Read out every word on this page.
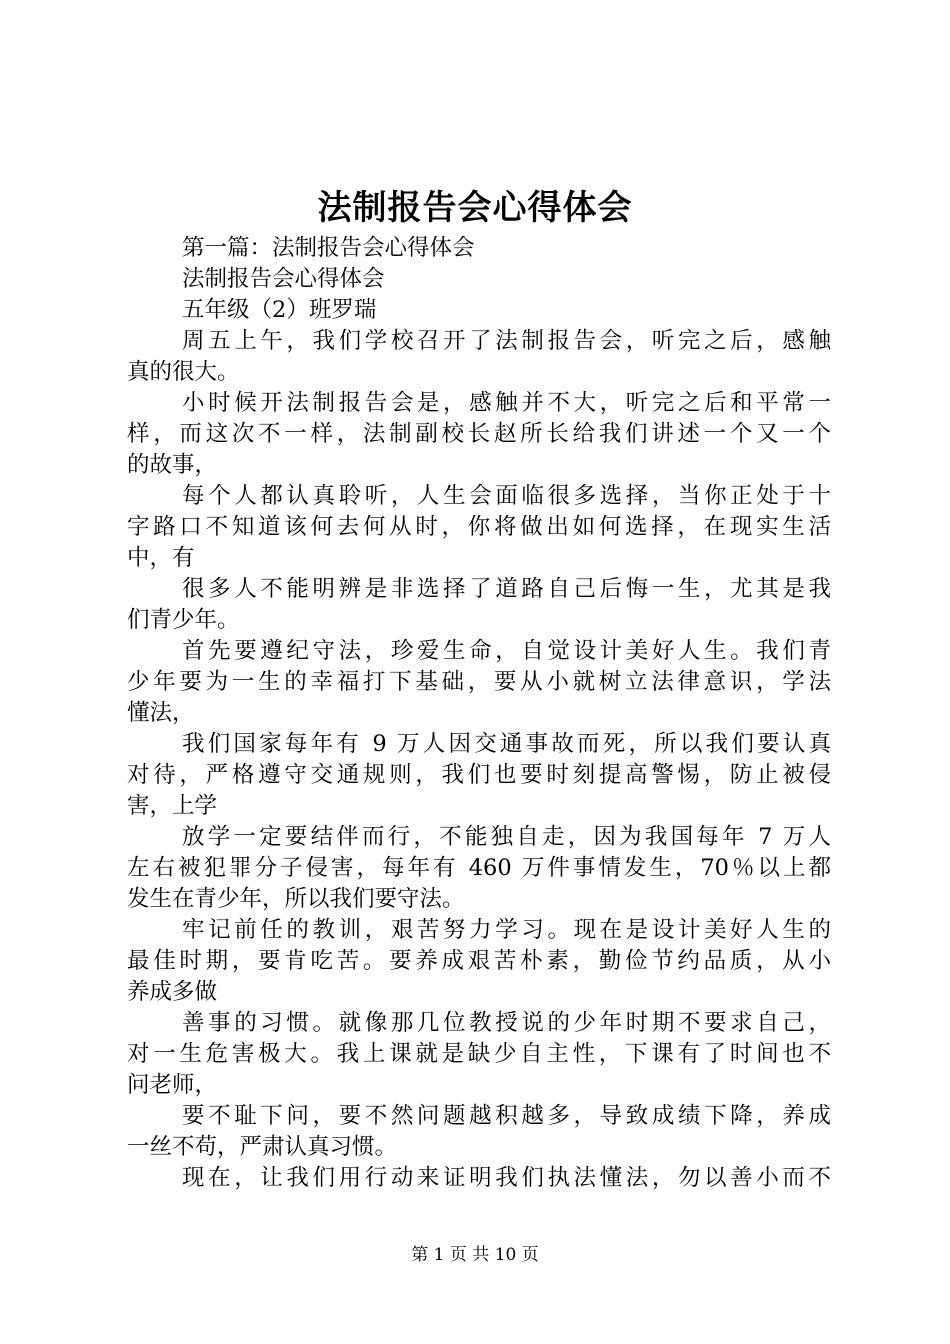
法制报告会心得体会
第一篇：法制报告会心得体会
法制报告会心得体会
五年级（2）班罗瑞
周五上午，我们学校召开了法制报告会，听完之后，感触
真的很大。
小时候开法制报告会是，感触并不大，听完之后和平常一
样，而这次不一样，法制副校长赵所长给我们讲述一个又一个
的故事，
每个人都认真聆听，人生会面临很多选择，当你正处于十
字路口不知道该何去何从时，你将做出如何选择，在现实生活
中，有
很多人不能明辨是非选择了道路自己后悔一生，尤其是我
们青少年。
首先要遵纪守法，珍爱生命，自觉设计美好人生。我们青
少年要为一生的幸福打下基础，要从小就树立法律意识，学法
懂法，
我们国家每年有 9 万人因交通事故而死，所以我们要认真
对待，严格遵守交通规则，我们也要时刻提高警惕，防止被侵
害，上学
放学一定要结伴而行，不能独自走，因为我国每年 7 万人
左右被犯罪分子侵害，每年有 460 万件事情发生，70％以上都
发生在青少年，所以我们要守法。
牢记前任的教训，艰苦努力学习。现在是设计美好人生的
最佳时期，要肯吃苦。要养成艰苦朴素，勤俭节约品质，从小
养成多做
善事的习惯。就像那几位教授说的少年时期不要求自己，
对一生危害极大。我上课就是缺少自主性，下课有了时间也不
问老师，
要不耻下问，要不然问题越积越多，导致成绩下降，养成
一丝不苟，严肃认真习惯。
现在，让我们用行动来证明我们执法懂法，勿以善小而不
第 1 页 共 10 页
